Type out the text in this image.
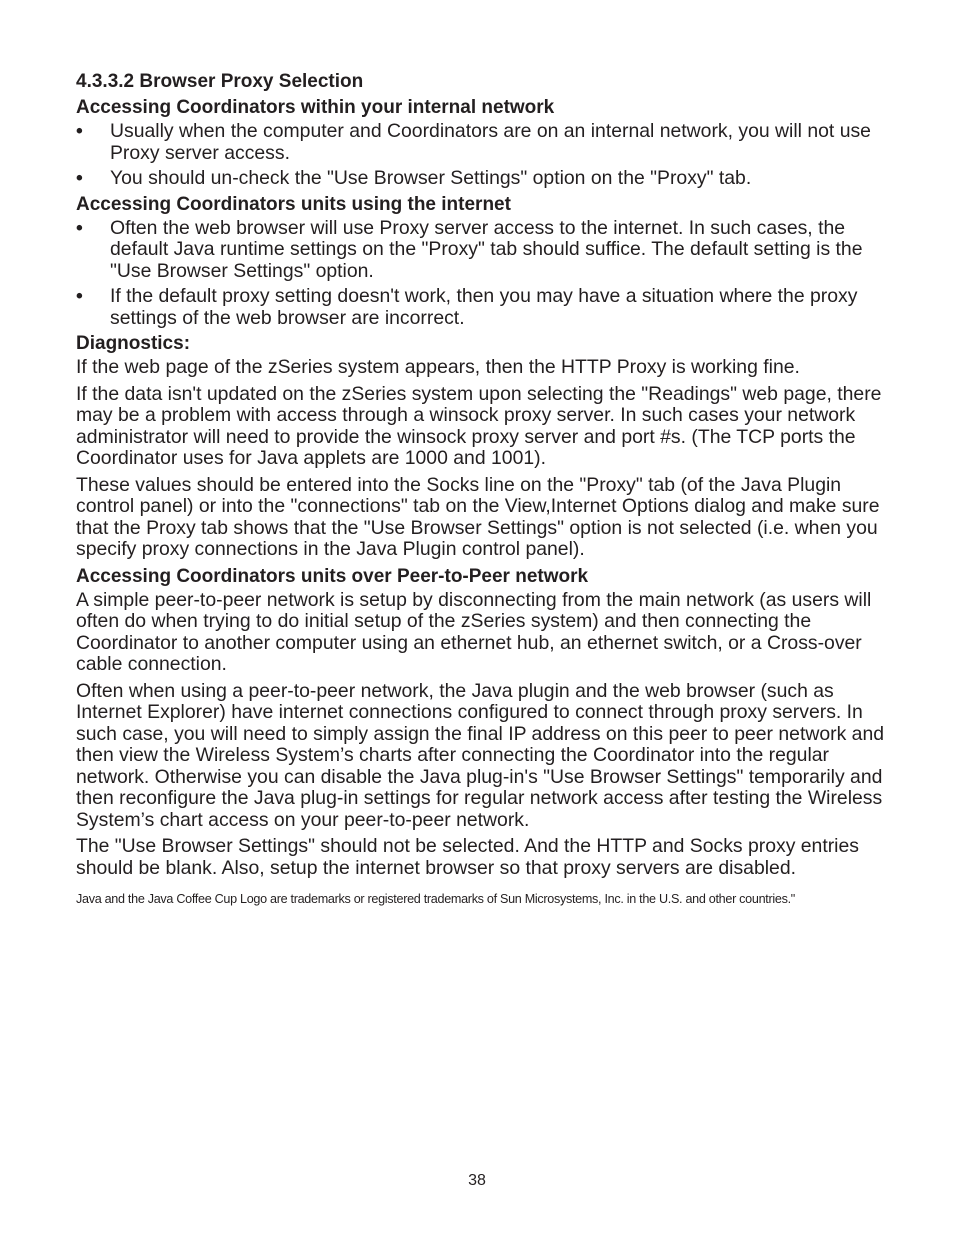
4.3.3.2 Browser Proxy Selection
Accessing Coordinators within your internal network
• Usually when the computer and Coordinators are on an internal network, you will not use Proxy server access.
• You should un-check the "Use Browser Settings" option on the "Proxy" tab.
Accessing Coordinators units using the internet
• Often the web browser will use Proxy server access to the internet. In such cases, the default Java runtime settings on the "Proxy" tab should suffice. The default setting is the "Use Browser Settings" option.
• If the default proxy setting doesn't work, then you may have a situation where the proxy settings of the web browser are incorrect.
Diagnostics:

If the web page of the zSeries system appears, then the HTTP Proxy is working fine.

If the data isn't updated on the zSeries system upon selecting the "Readings" web page, there may be a problem with access through a winsock proxy server. In such cases your network administrator will need to provide the winsock proxy server and port #s. (The TCP ports the Coordinator uses for Java applets are 1000 and 1001).

These values should be entered into the Socks line on the "Proxy" tab (of the Java Plugin control panel) or into the "connections" tab on the View,Internet Options dialog and make sure that the Proxy tab shows that the "Use Browser Settings" option is not selected (i.e. when you specify proxy connections in the Java Plugin control panel).

Accessing Coordinators units over Peer-to-Peer network

A simple peer-to-peer network is setup by disconnecting from the main network (as users will often do when trying to do initial setup of the zSeries system) and then connecting the Coordinator to another computer using an ethernet hub, an ethernet switch, or a Cross-over cable connection.

Often when using a peer-to-peer network, the Java plugin and the web browser (such as Internet Explorer) have internet connections configured to connect through proxy servers. In such case, you will need to simply assign the final IP address on this peer to peer network and then view the Wireless System’s charts after connecting the Coordinator into the regular network. Otherwise you can disable the Java plug-in's "Use Browser Settings" temporarily and then reconfigure the Java plug-in settings for regular network access after testing the Wireless System’s chart access on your peer-to-peer network.

The "Use Browser Settings" should not be selected. And the HTTP and Socks proxy entries should be blank. Also, setup the internet browser so that proxy servers are disabled.

Java and the Java Coffee Cup Logo are trademarks or registered trademarks of Sun Microsystems, Inc. in the U.S. and other countries."
38
